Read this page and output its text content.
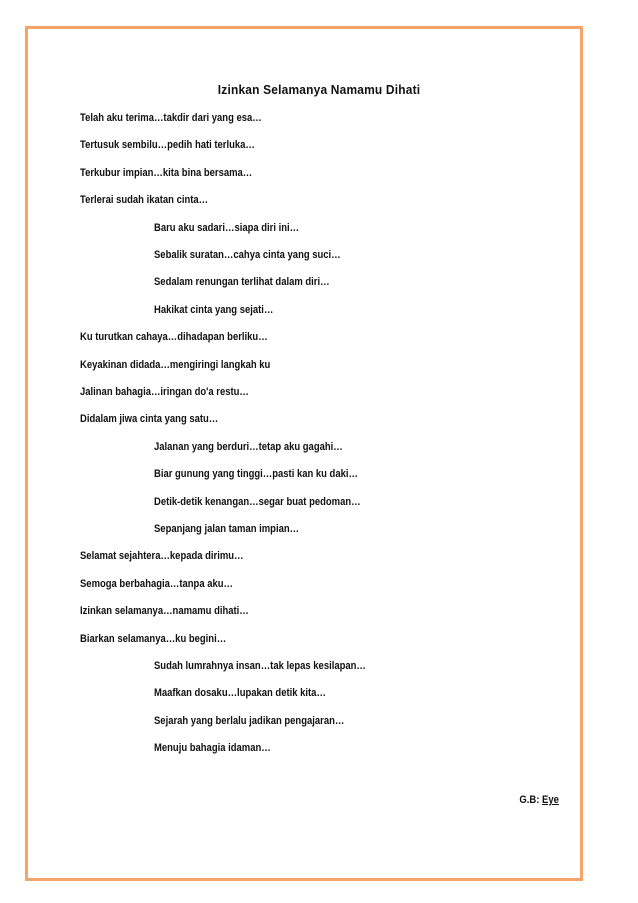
Izinkan Selamanya Namamu Dihati
Telah aku terima…takdir dari yang esa…
Tertusuk sembilu…pedih hati terluka…
Terkubur impian…kita bina bersama…
Terlerai sudah ikatan cinta…
Baru aku sadari…siapa diri ini…
Sebalik suratan…cahya cinta yang suci…
Sedalam renungan terlihat dalam diri…
Hakikat cinta yang sejati…
Ku turutkan cahaya…dihadapan berliku…
Keyakinan didada…mengiringi langkah ku
Jalinan bahagia…iringan do'a restu…
Didalam jiwa cinta yang satu…
Jalanan yang berduri…tetap aku gagahi…
Biar gunung yang tinggi…pasti kan ku daki…
Detik-detik kenangan…segar buat pedoman…
Sepanjang jalan taman impian…
Selamat sejahtera…kepada dirimu…
Semoga berbahagia…tanpa aku…
Izinkan selamanya…namamu dihati…
Biarkan selamanya…ku begini…
Sudah lumrahnya insan…tak lepas kesilapan…
Maafkan dosaku…lupakan detik kita…
Sejarah yang berlalu jadikan pengajaran…
Menuju bahagia idaman…
G.B: Eye
